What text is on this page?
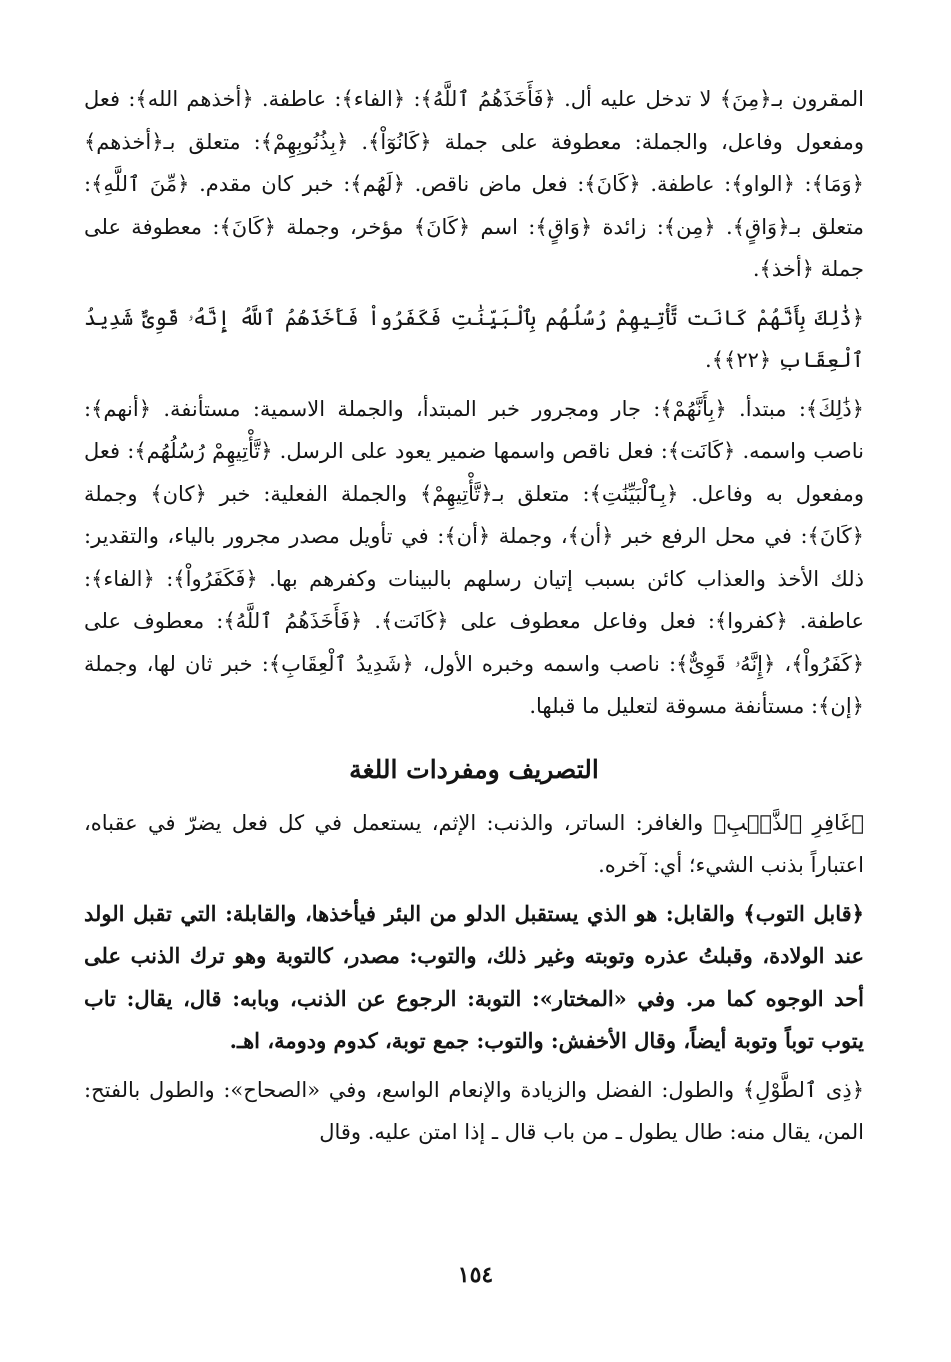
المقرون بـ﴿مِنَ﴾ لا تدخل عليه أل. ﴿فَأَخَذَهُمُ ٱللَّهُ﴾: ﴿الفاء﴾: عاطفة. ﴿أخذهم الله﴾: فعل ومفعول وفاعل، والجملة: معطوفة على جملة ﴿كَانُوٓاْ﴾. ﴿بِذُنُوبِهِمْ﴾: متعلق بـ﴿أخذهم﴾ ﴿وَمَا﴾: ﴿الواو﴾: عاطفة. ﴿كَانَ﴾: فعل ماض ناقص. ﴿لَهُم﴾: خبر كان مقدم. ﴿مِّنَ ٱللَّهِ﴾: متعلق بـ﴿وَاقٍ﴾. ﴿مِن﴾: زائدة ﴿وَاقٍ﴾: اسم ﴿كَانَ﴾ مؤخر، وجملة ﴿كَانَ﴾: معطوفة على جملة ﴿أخذ﴾.

﴿ذَٰلِكَ بِأَنَّهُمْ كَانَت تَّأْتِيهِمْ رُسُلُهُم بِٱلْبَيِّنَٰتِ فَكَفَرُواْ فَأَخَذَهُمُ ٱللَّهُ إِنَّهُۥ قَوِىٌّ شَدِيدُ ٱلْعِقَابِ ﴿٢٢﴾﴾.

﴿ذَٰلِكَ﴾: مبتدأ. ﴿بِأَنَّهُمْ﴾: جار ومجرور خبر المبتدأ، والجملة الاسمية: مستأنفة. ﴿أنهم﴾: ناصب واسمه. ﴿كَانَت﴾: فعل ناقص واسمها ضمير يعود على الرسل. ﴿تَّأْتِيهِمْ رُسُلُهُم﴾: فعل ومفعول به وفاعل. ﴿بِٱلْبَيِّنَٰتِ﴾: متعلق بـ﴿تَّأْتِيهِمْ﴾ والجملة الفعلية: خبر ﴿كان﴾ وجملة ﴿كَانَ﴾: في محل الرفع خبر ﴿أن﴾، وجملة ﴿أن﴾: في تأويل مصدر مجرور بالياء، والتقدير: ذلك الأخذ والعذاب كائن بسبب إتيان رسلهم بالبينات وكفرهم بها. ﴿فَكَفَرُواْ﴾: ﴿الفاء﴾: عاطفة. ﴿كفروا﴾: فعل وفاعل معطوف على ﴿كَانَت﴾. ﴿فَأَخَذَهُمُ ٱللَّهُ﴾: معطوف على ﴿كَفَرُواْ﴾، ﴿إِنَّهُۥ قَوِىٌّ﴾: ناصب واسمه وخبره الأول، ﴿شَدِيدُ ٱلْعِقَابِ﴾: خبر ثان لها، وجملة ﴿إن﴾: مستأنفة مسوقة لتعليل ما قبلها.

التصريف ومفردات اللغة

﴿غَافِرِ ٱلذَّنۢبِ﴾ والغافر: الساتر، والذنب: الإثم، يستعمل في كل فعل يضرّ في عقباه، اعتباراً بذنب الشيء؛ أي: آخره.

﴿قابل التوب﴾ والقابل: هو الذي يستقبل الدلو من البئر فيأخذها، والقابلة: التي تقبل الولد عند الولادة، وقبلتُ عذره وتوبته وغير ذلك، والتوب: مصدر، كالتوبة وهو ترك الذنب على أحد الوجوه كما مر. وفي «المختار»: التوبة: الرجوع عن الذنب، وبابه: قال، يقال: تاب يتوب توباً وتوبة أيضاً، وقال الأخفش: والتوب: جمع توبة، كدوم ودومة، اهـ.

﴿ذِى ٱلطَّوْلِ﴾ والطول: الفضل والزيادة والإنعام الواسع، وفي «الصحاح»: والطول بالفتح: المن، يقال منه: طال يطول ـ من باب قال ـ إذا امتن عليه. وقال

١٥٤
